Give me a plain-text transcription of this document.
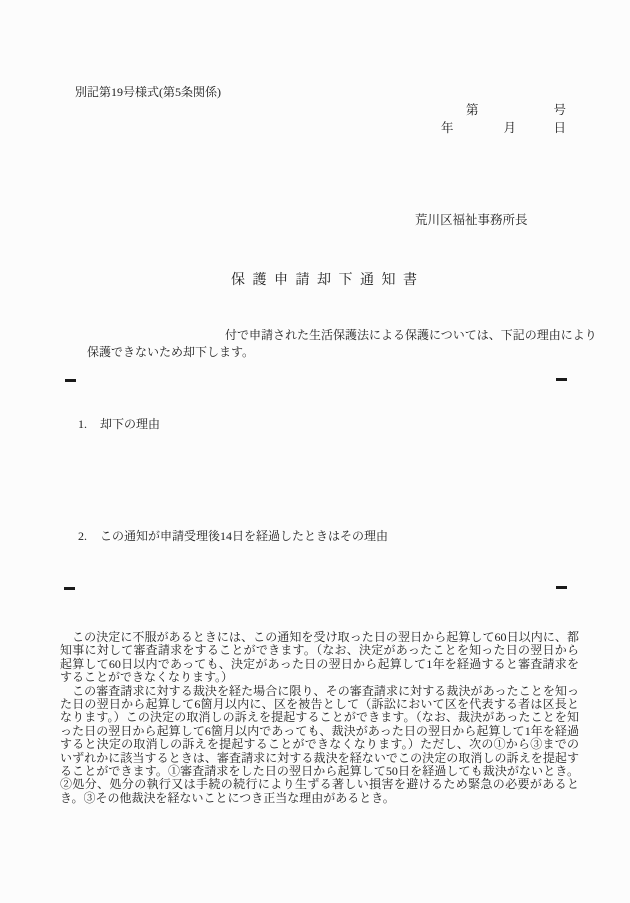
別記第19号様式(第5条関係)
第　　　　　　号
年　　　　月　　　日
荒川区福祉事務所長
保 護 申 請 却 下 通 知 書
付で申請された生活保護法による保護については、下記の理由により
保護できないため却下します。
1. 却下の理由
2. この通知が申請受理後14日を経過したときはその理由

　この決定に不服があるときには、この通知を受け取った日の翌日から起算して60日以内に、都知事に対して審査請求をすることができます。（なお、決定があったことを知った日の翌日から起算して60日以内であっても、決定があった日の翌日から起算して1年を経過すると審査請求をすることができなくなります。）

　この審査請求に対する裁決を経た場合に限り、その審査請求に対する裁決があったことを知った日の翌日から起算して6箇月以内に、区を被告として（訴訟において区を代表する者は区長となります。）この決定の取消しの訴えを提起することができます。（なお、裁決があったことを知った日の翌日から起算して6箇月以内であっても、裁決があった日の翌日から起算して1年を経過すると決定の取消しの訴えを提起することができなくなります。）ただし、次の①から③までのいずれかに該当するときは、審査請求に対する裁決を経ないでこの決定の取消しの訴えを提起することができます。①審査請求をした日の翌日から起算して50日を経過しても裁決がないとき。②処分、処分の執行又は手続の続行により生ずる著しい損害を避けるため緊急の必要があるとき。③その他裁決を経ないことにつき正当な理由があるとき。
